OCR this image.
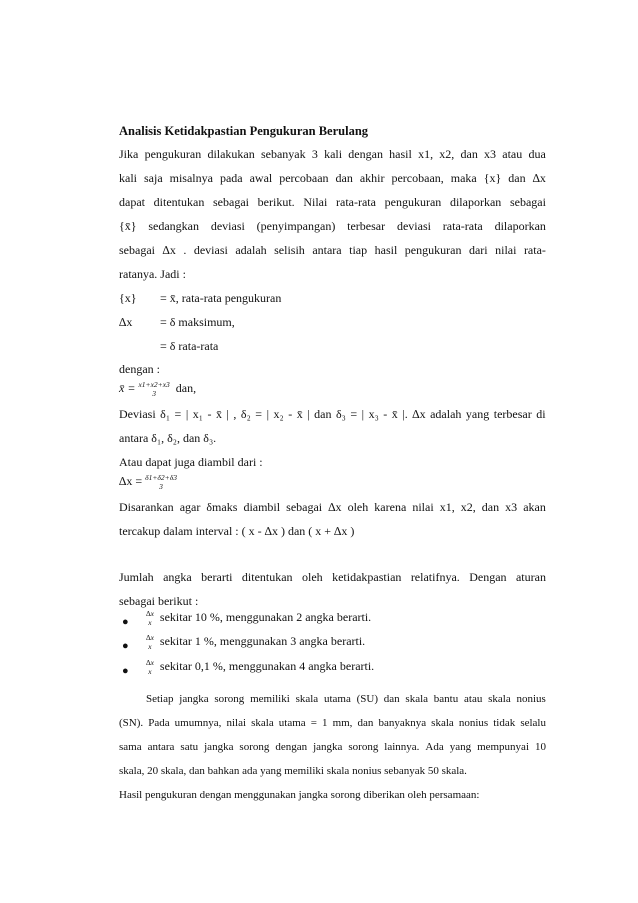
Analisis Ketidakpastian Pengukuran Berulang
Jika pengukuran dilakukan sebanyak 3 kali dengan hasil x1, x2, dan x3 atau dua
kali saja misalnya pada awal percobaan dan akhir percobaan, maka {x} dan ∆x
dapat ditentukan sebagai berikut. Nilai rata-rata pengukuran dilaporkan sebagai
{x̄} sedangkan deviasi (penyimpangan) terbesar deviasi rata-rata dilaporkan
sebagai ∆x . deviasi adalah selisih antara tiap hasil pengukuran dari nilai rata-
ratanya. Jadi :
{x} = x̄, rata-rata pengukuran
∆x = δ maksimum,
= δ rata-rata
dengan :
x̄ = x1+x2+x3
3	dan,
Deviasi δ₁ = | x₁ - x̄ | , δ₂ = | x₂ - x̄ | dan δ₃ = | x₃ - x̄ |. ∆x adalah yang terbesar di
antara δ₁, δ₂, dan δ₃.
Atau dapat juga diambil dari :
∆x = δ1+δ2+δ3
3
Disarankan agar δmaks diambil sebagai ∆x oleh karena nilai x1, x2, dan x3 akan
tercakup dalam interval : ( x - ∆x ) dan ( x + ∆x )
Jumlah angka berarti ditentukan oleh ketidakpastian relatifnya. Dengan aturan
sebagai berikut :
●
∆x
x sekitar 10 %, menggunakan 2 angka berarti.
●
∆x
x sekitar 1 %, menggunakan 3 angka berarti.
●
∆x
x sekitar 0,1 %, menggunakan 4 angka berarti.
Setiap jangka sorong memiliki skala utama (SU) dan skala bantu atau skala nonius
(SN). Pada umumnya, nilai skala utama = 1 mm, dan banyaknya skala nonius tidak selalu
sama antara satu jangka sorong dengan jangka sorong lainnya. Ada yang mempunyai 10
skala, 20 skala, dan bahkan ada yang memiliki skala nonius sebanyak 50 skala.
Hasil pengukuran dengan menggunakan jangka sorong diberikan oleh persamaan:
